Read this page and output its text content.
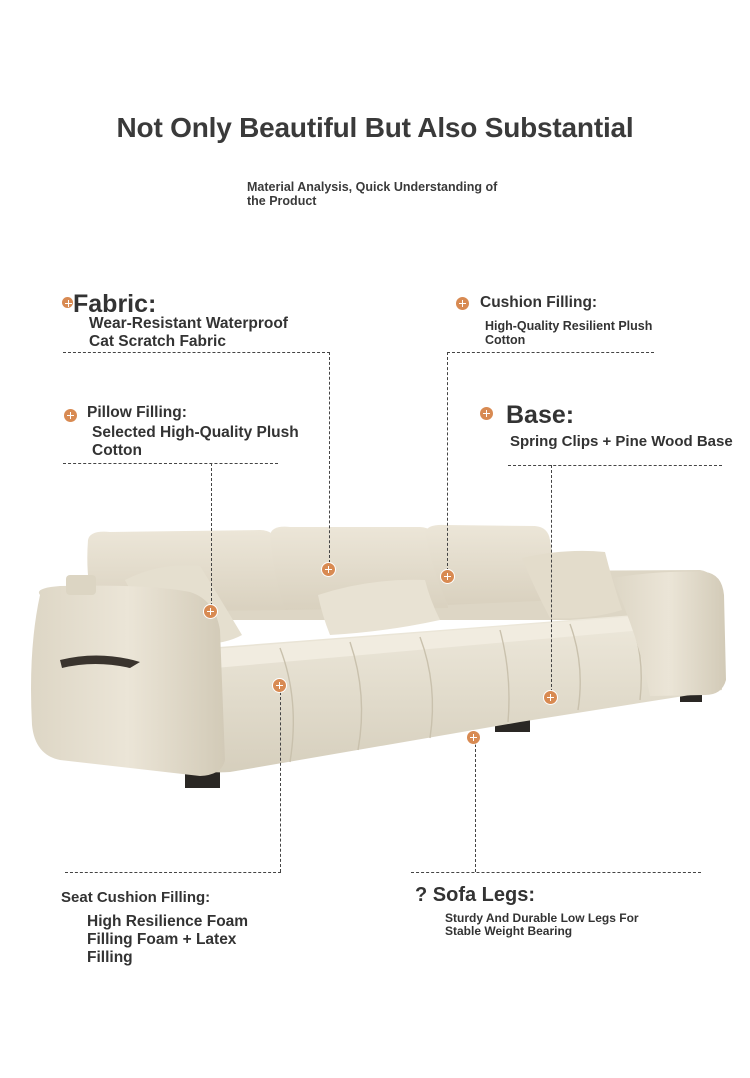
Not Only Beautiful But Also Substantial
Material Analysis, Quick Understanding of the Product
Fabric:
Wear-Resistant Waterproof Cat Scratch Fabric
Cushion Filling:
High-Quality Resilient Plush Cotton
Pillow Filling:
Selected High-Quality Plush Cotton
Base:
Spring Clips + Pine Wood Base
Seat Cushion Filling:
High Resilience Foam Filling Foam + Latex Filling
? Sofa Legs:
Sturdy And Durable Low Legs For Stable Weight Bearing
